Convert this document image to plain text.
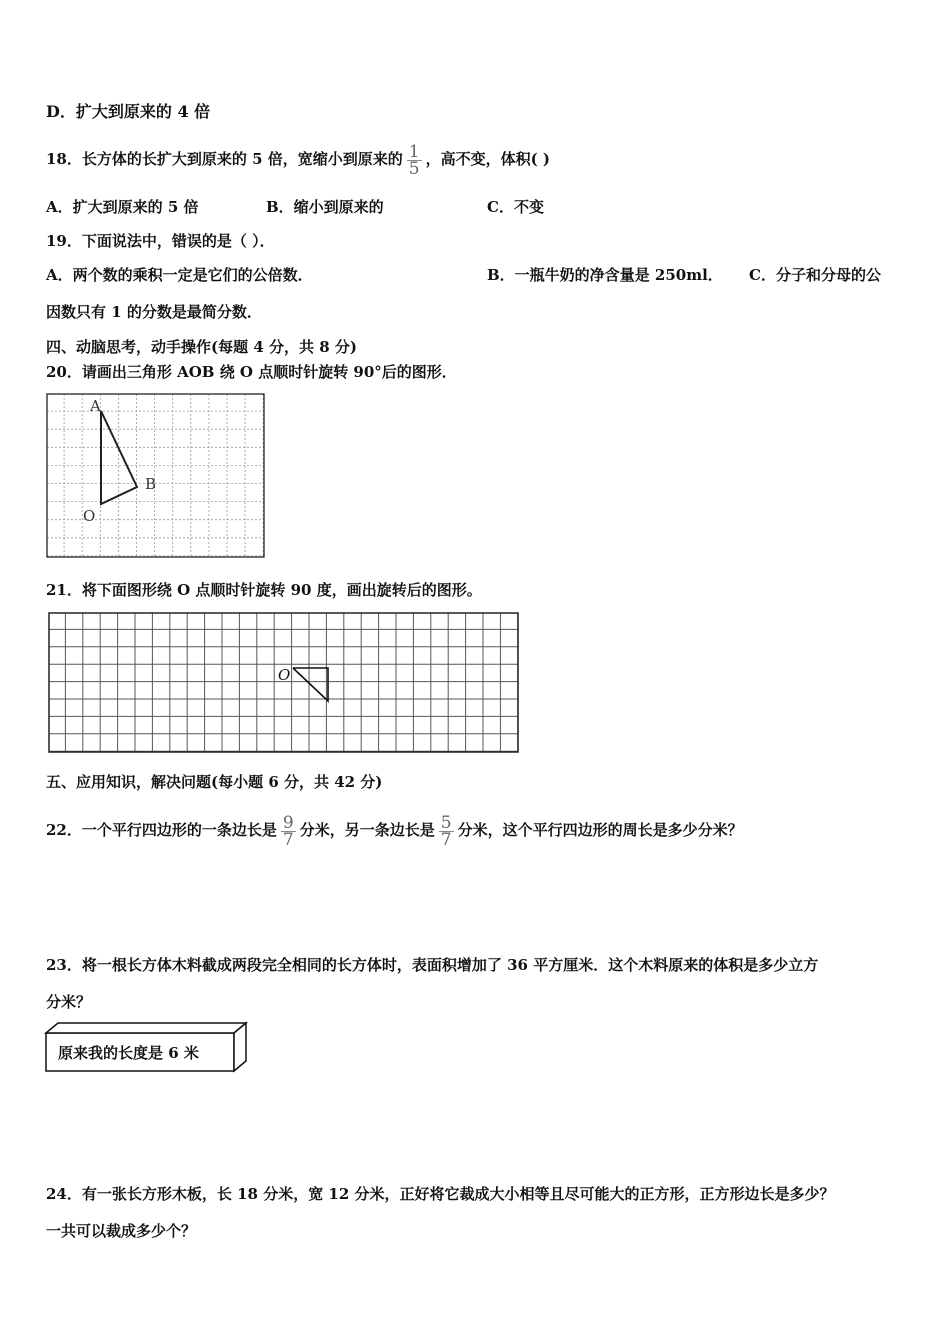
D．扩大到原来的 4 倍
18．长方体的长扩大到原来的 5 倍，宽缩小到原来的 $\frac{1}{5}$ ，高不变，体积( )
A．扩大到原来的 5 倍	B．缩小到原来的	C．不变
19．下面说法中，错误的是（ ）．
A．两个数的乘积一定是它们的公倍数．	B．一瓶牛奶的净含量是 250ml． C．分子和分母的公
因数只有 1 的分数是最简分数．
四、动脑思考，动手操作(每题 4 分，共 8 分)
20．请画出三角形 AOB 绕 O 点顺时针旋转 90°后的图形．
A
B
O
21．将下面图形绕 O 点顺时针旋转 90 度，画出旋转后的图形。
O
五、应用知识，解决问题(每小题 6 分，共 42 分)
22．一个平行四边形的一条边长是 $\frac{9}{7}$ 分米，另一条边长是 $\frac{5}{7}$ 分米，这个平行四边形的周长是多少分米？
23．将一根长方体木料截成两段完全相同的长方体时，表面积增加了 36 平方厘米．这个木料原来的体积是多少立方
分米？
原来我的长度是 6 米
24．有一张长方形木板，长 18 分米，宽 12 分米，正好将它裁成大小相等且尽可能大的正方形，正方形边长是多少？
一共可以裁成多少个？
